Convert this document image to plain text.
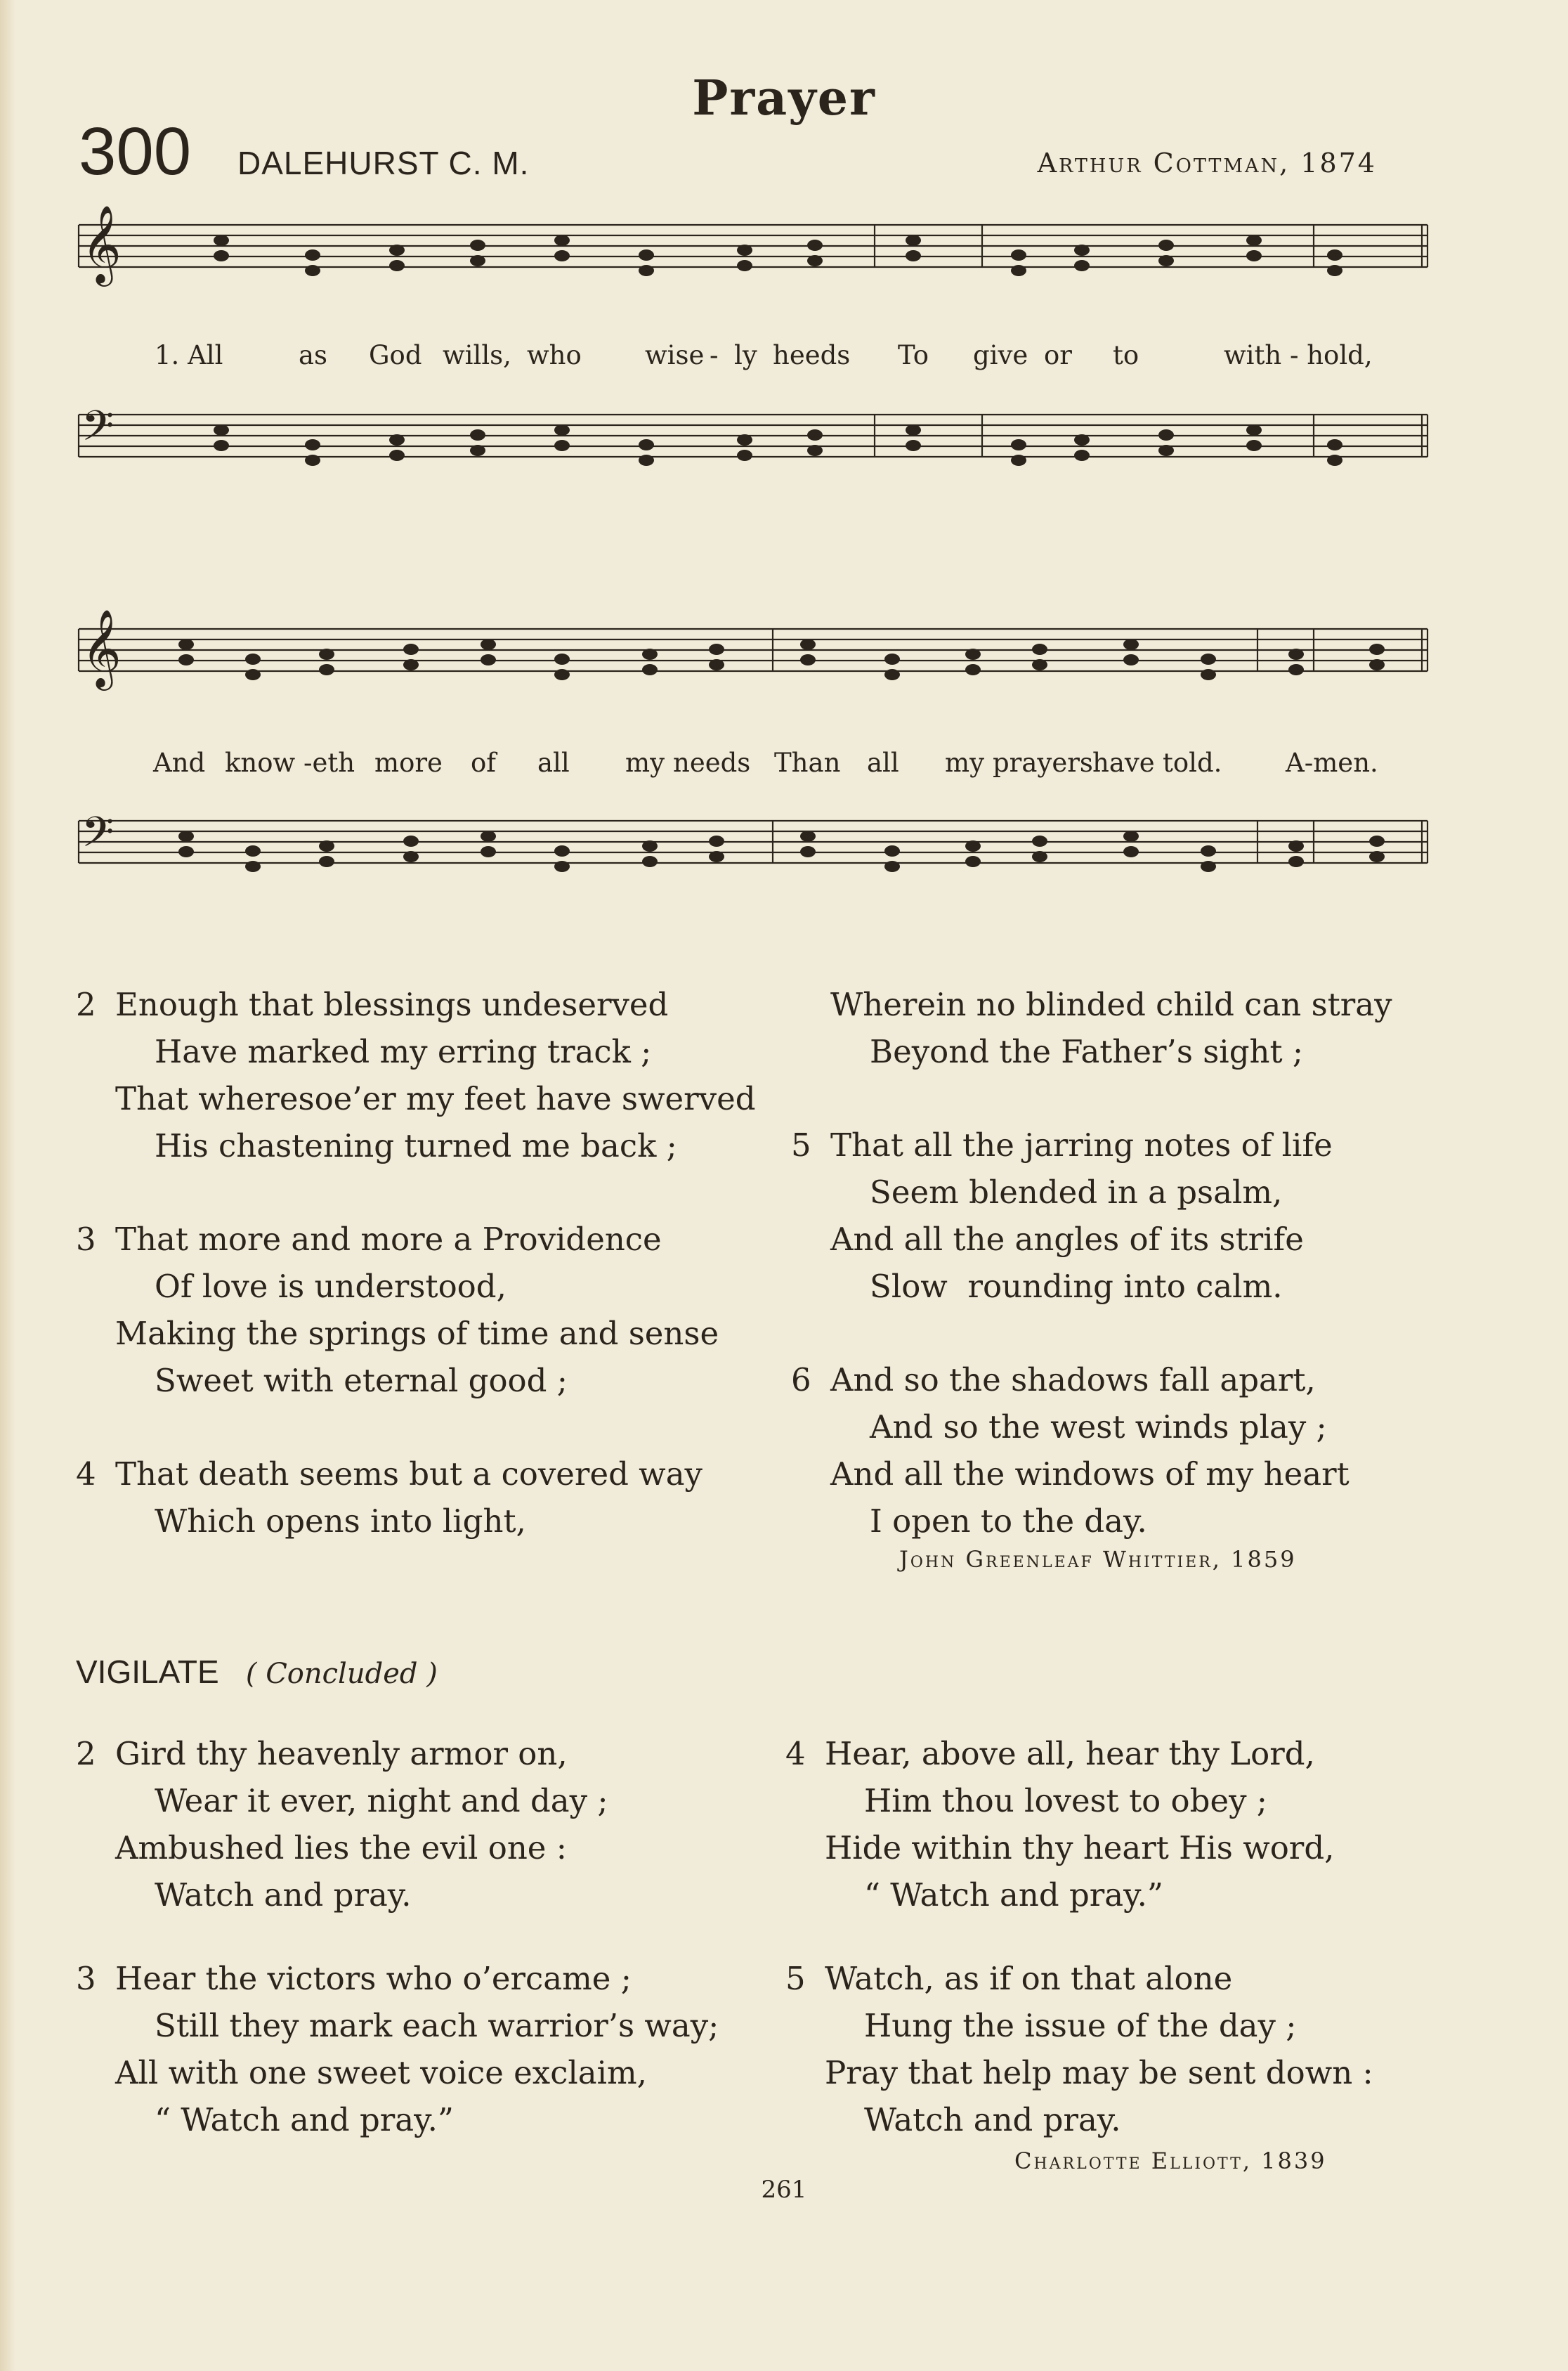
Prayer
300 DALEHURST C. M.	Arthur Cottman, 1874
𝄞
𝄢
𝄞
𝄢
1. All	as God wills, who wise - ly heeds To give or to	with - hold,
And know -eth more of all my needs Than all my prayershave told. A-men.
2 Enough that blessings undeserved
Have marked my erring track ;
That wheresoe’er my feet have swerved
His chastening turned me back ;
3 That more and more a Providence
Of love is understood,
Making the springs of time and sense
Sweet with eternal good ;
4 That death seems but a covered way
Which opens into light,
Wherein no blinded child can stray
Beyond the Father’s sight ;
5 That all the jarring notes of life
Seem blended in a psalm,
And all the angles of its strife
Slow  rounding into calm.
6 And so the shadows fall apart,
And so the west winds play ;
And all the windows of my heart
I open to the day.
John Greenleaf Whittier, 1859
VIGILATE   ( Concluded )
2 Gird thy heavenly armor on,
Wear it ever, night and day ;
Ambushed lies the evil one :
Watch and pray.
3 Hear the victors who o’ercame ;
Still they mark each warrior’s way;
All with one sweet voice exclaim,
“ Watch and pray.”
4 Hear, above all, hear thy Lord,
Him thou lovest to obey ;
Hide within thy heart His word,
“ Watch and pray.”
5 Watch, as if on that alone
Hung the issue of the day ;
Pray that help may be sent down :
Watch and pray.
Charlotte Elliott, 1839
261
